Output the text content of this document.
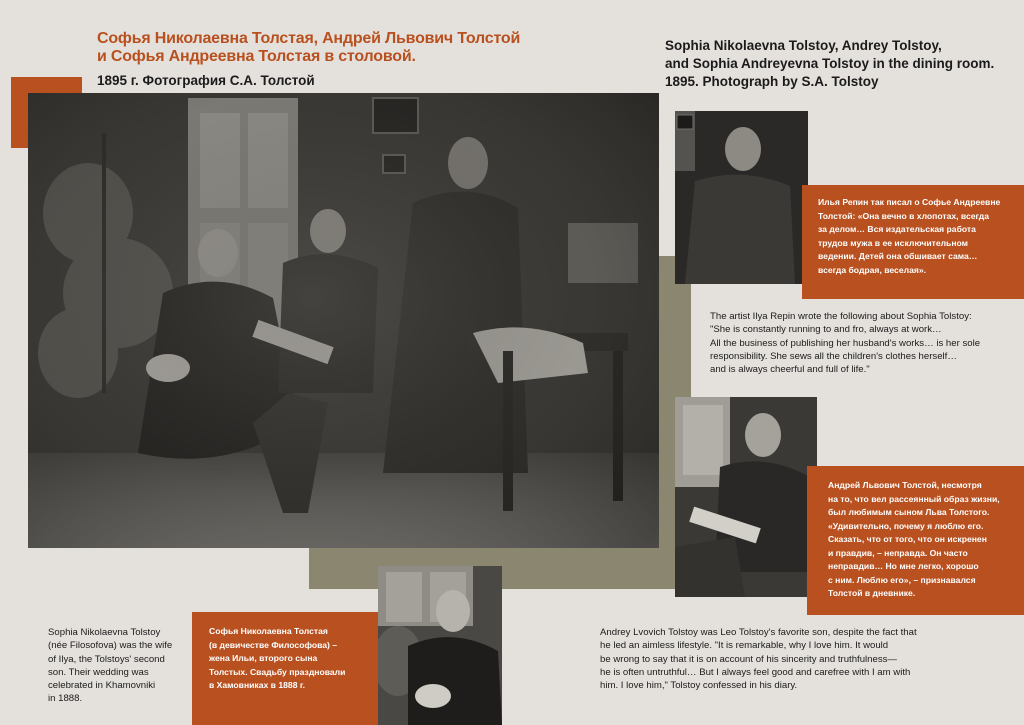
Софья Николаевна Толстая, Андрей Львович Толстой
и Софья Андреевна Толстая в столовой.
1895 г. Фотография С.А. Толстой
Sophia Nikolaevna Tolstoy, Andrey Tolstoy,
and Sophia Andreyevna Tolstoy in the dining room.
1895. Photograph by S.A. Tolstoy
Илья Репин так писал о Софье Андреевне
Толстой: «Она вечно в хлопотах, всегда
за делом… Вся издательская работа
трудов мужа в ее исключительном
ведении. Детей она обшивает сама…
всегда бодрая, веселая».
The artist Ilya Repin wrote the following about Sophia Tolstoy:
"She is constantly running to and fro, always at work…
All the business of publishing her husband's works… is her sole
responsibility. She sews all the children's clothes herself…
and is always cheerful and full of life."
Андрей Львович Толстой, несмотря
на то, что вел рассеянный образ жизни,
был любимым сыном Льва Толстого.
«Удивительно, почему я люблю его.
Сказать, что от того, что он искренен
и правдив, – неправда. Он часто
неправдив… Но мне легко, хорошо
с ним. Люблю его», – признавался
Толстой в дневнике.
Andrey Lvovich Tolstoy was Leo Tolstoy's favorite son, despite the fact that
he led an aimless lifestyle. "It is remarkable, why I love him. It would
be wrong to say that it is on account of his sincerity and truthfulness—
he is often untruthful… But I always feel good and carefree with I am with
him. I love him," Tolstoy confessed in his diary.
Sophia Nikolaevna Tolstoy
(née Filosofova) was the wife
of Ilya, the Tolstoys' second
son. Their wedding was
celebrated in Khamovniki
in 1888.
Софья Николаевна Толстая
(в девичестве Философова) –
жена Ильи, второго сына
Толстых. Свадьбу праздновали
в Хамовниках в 1888 г.
